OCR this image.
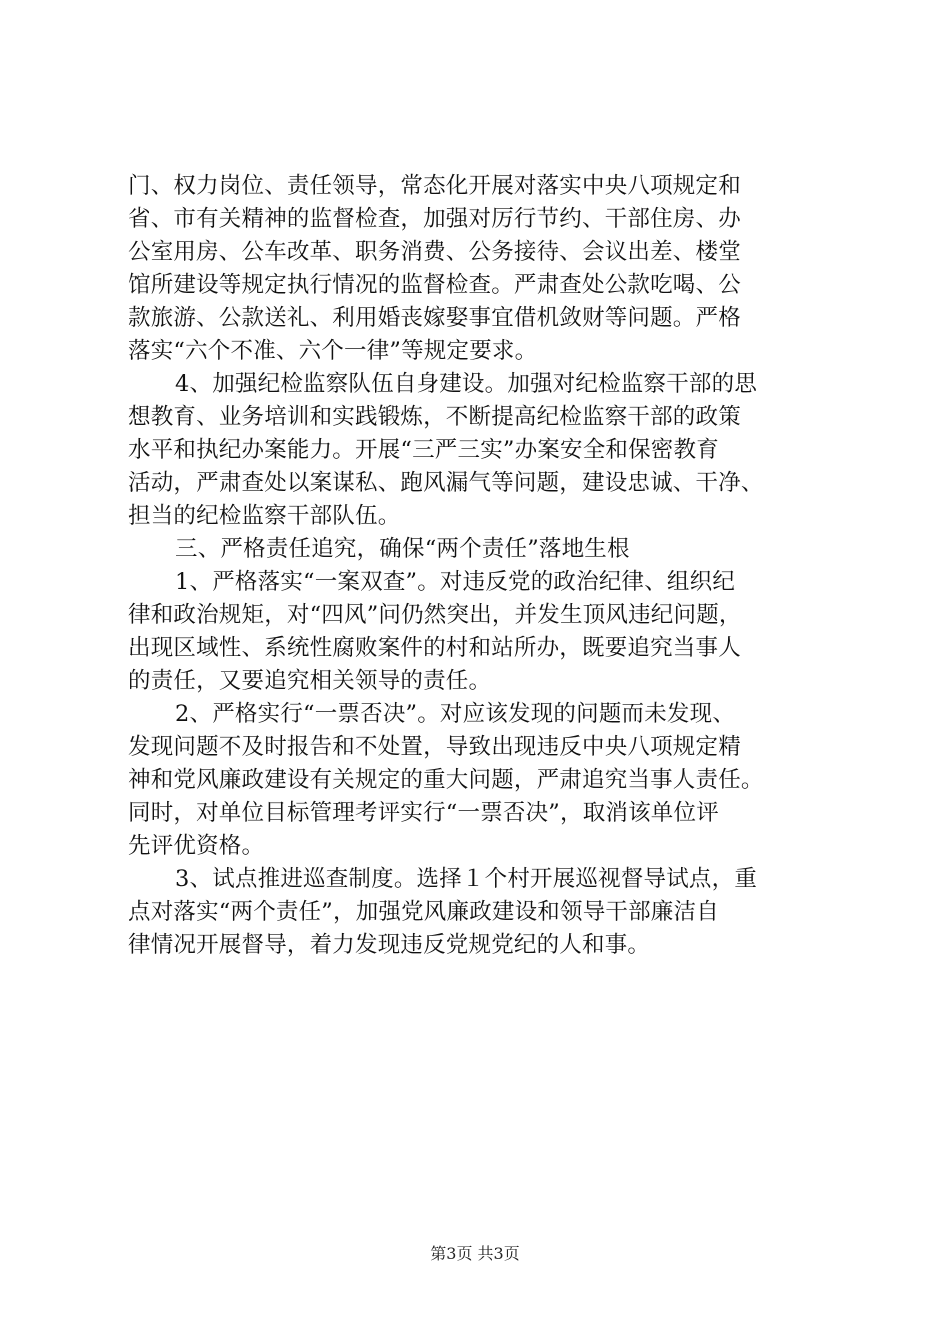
门、权力岗位、责任领导，常态化开展对落实中央八项规定和
省、市有关精神的监督检查，加强对厉行节约、干部住房、办
公室用房、公车改革、职务消费、公务接待、会议出差、楼堂
馆所建设等规定执行情况的监督检查。严肃查处公款吃喝、公
款旅游、公款送礼、利用婚丧嫁娶事宜借机敛财等问题。严格
落实“六个不准、六个一律”等规定要求。
4、加强纪检监察队伍自身建设。加强对纪检监察干部的思
想教育、业务培训和实践锻炼，不断提高纪检监察干部的政策
水平和执纪办案能力。开展“三严三实”办案安全和保密教育
活动，严肃查处以案谋私、跑风漏气等问题，建设忠诚、干净、
担当的纪检监察干部队伍。
三、严格责任追究，确保“两个责任”落地生根
1、严格落实“一案双查”。对违反党的政治纪律、组织纪
律和政治规矩，对“四风”问仍然突出，并发生顶风违纪问题，
出现区域性、系统性腐败案件的村和站所办，既要追究当事人
的责任，又要追究相关领导的责任。
2、严格实行“一票否决”。对应该发现的问题而未发现、
发现问题不及时报告和不处置，导致出现违反中央八项规定精
神和党风廉政建设有关规定的重大问题，严肃追究当事人责任。
同时，对单位目标管理考评实行“一票否决”，取消该单位评
先评优资格。
3、试点推进巡查制度。选择１个村开展巡视督导试点，重
点对落实“两个责任”，加强党风廉政建设和领导干部廉洁自
律情况开展督导，着力发现违反党规党纪的人和事。
第3页 共3页
